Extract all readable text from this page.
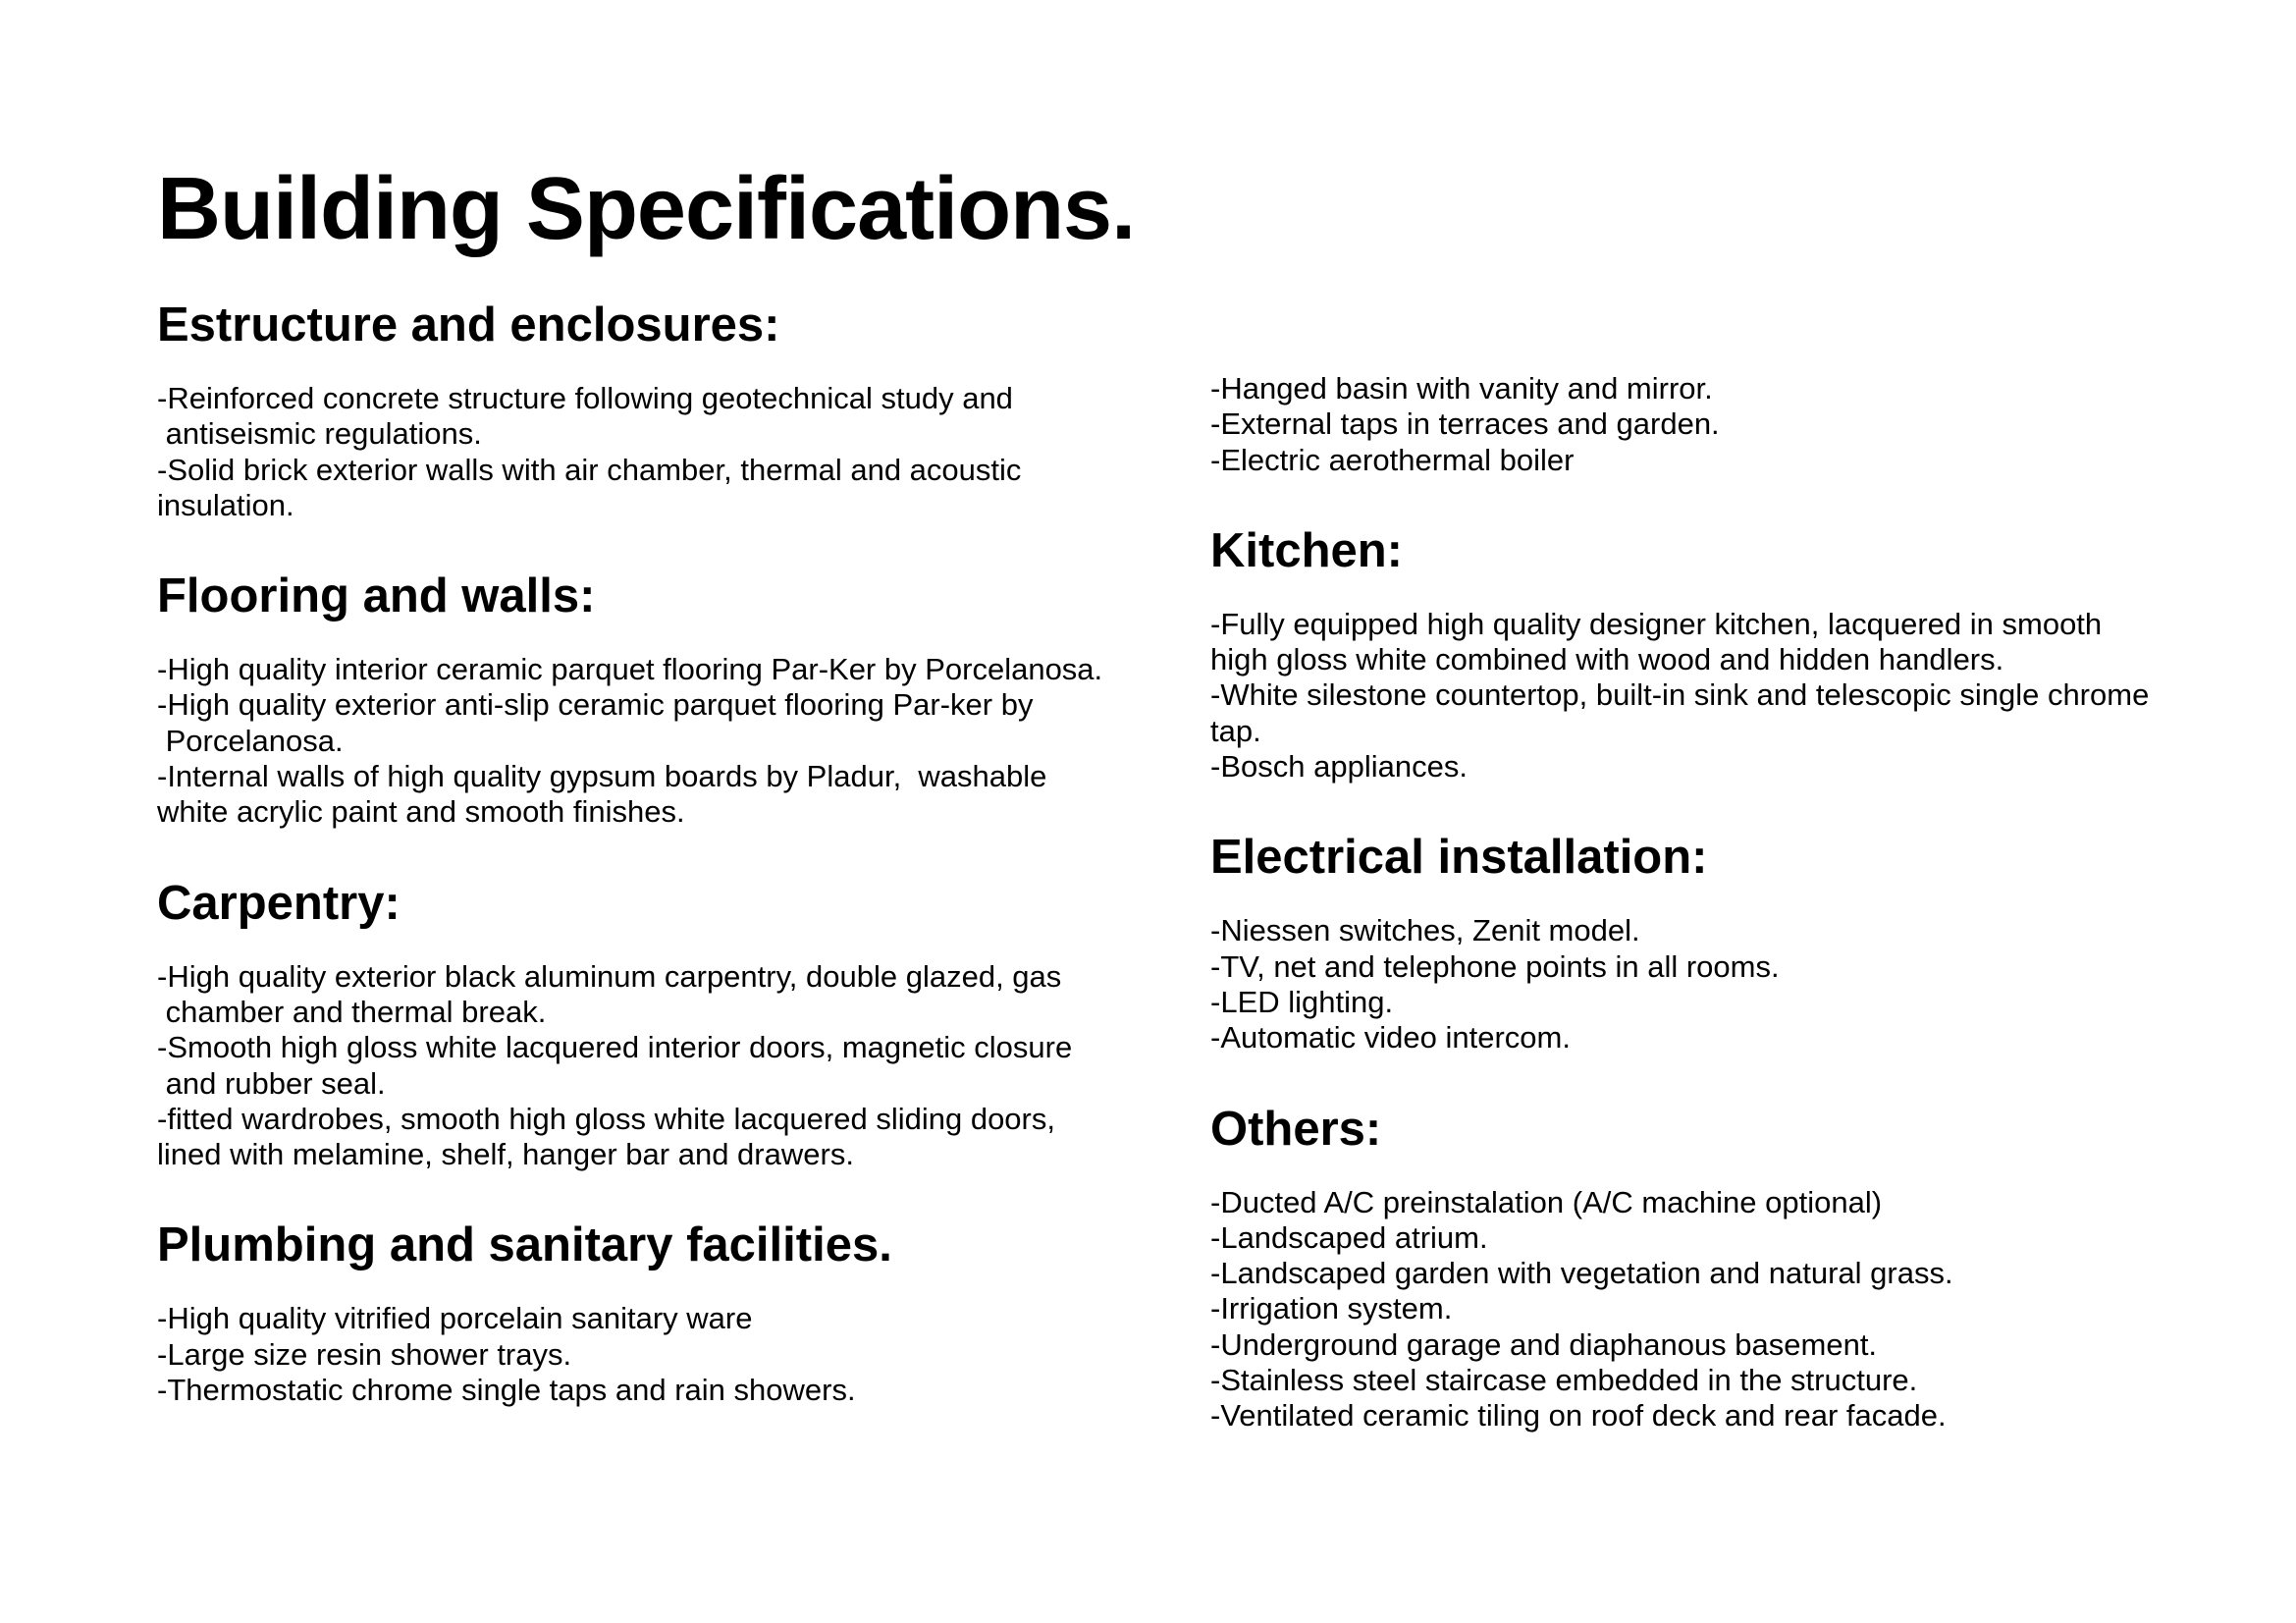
Building Specifications.
Estructure and enclosures:

-Reinforced concrete structure following geotechnical study and
antiseismic regulations.
-Solid brick exterior walls with air chamber, thermal and acoustic
insulation.

Flooring and walls:

-High quality interior ceramic parquet flooring Par-Ker by Porcelanosa.
-High quality exterior anti-slip ceramic parquet flooring Par-ker by
Porcelanosa.
-Internal walls of high quality gypsum boards by Pladur,  washable
white acrylic paint and smooth finishes.

Carpentry:

-High quality exterior black aluminum carpentry, double glazed, gas
chamber and thermal break.
-Smooth high gloss white lacquered interior doors, magnetic closure
and rubber seal.
-fitted wardrobes, smooth high gloss white lacquered sliding doors,
lined with melamine, shelf, hanger bar and drawers.

Plumbing and sanitary facilities.

-High quality vitrified porcelain sanitary ware
-Large size resin shower trays.
-Thermostatic chrome single taps and rain showers.

-Hanged basin with vanity and mirror.
-External taps in terraces and garden.
-Electric aerothermal boiler

Kitchen:

-Fully equipped high quality designer kitchen, lacquered in smooth
high gloss white combined with wood and hidden handlers.
-White silestone countertop, built-in sink and telescopic single chrome
tap.
-Bosch appliances.

Electrical installation:

-Niessen switches, Zenit model.
-TV, net and telephone points in all rooms.
-LED lighting.
-Automatic video intercom.

Others:

-Ducted A/C preinstalation (A/C machine optional)
-Landscaped atrium.
-Landscaped garden with vegetation and natural grass.
-Irrigation system.
-Underground garage and diaphanous basement.
-Stainless steel staircase embedded in the structure.
-Ventilated ceramic tiling on roof deck and rear facade.
